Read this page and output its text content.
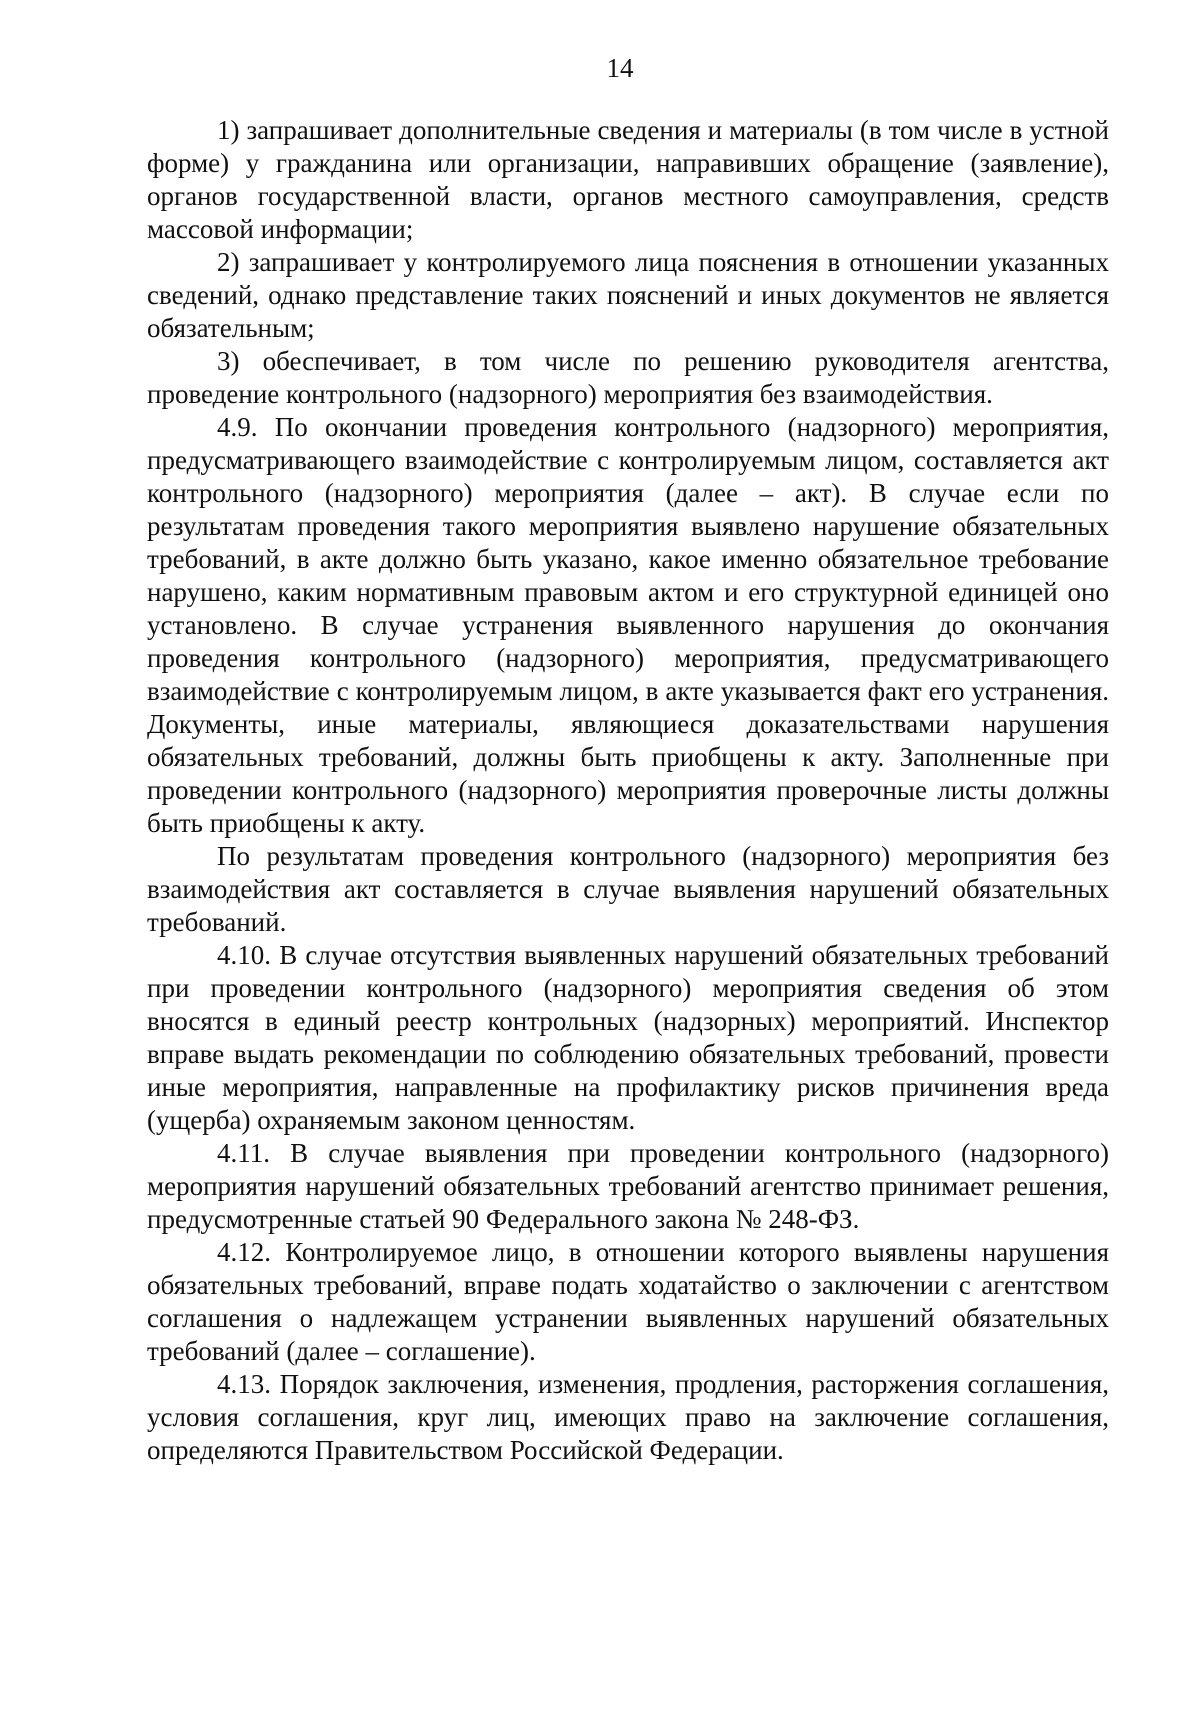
14

1) запрашивает дополнительные сведения и материалы (в том числе в устной форме) у гражданина или организации, направивших обращение (заявление), органов государственной власти, органов местного самоуправления, средств массовой информации;

2) запрашивает у контролируемого лица пояснения в отношении указанных сведений, однако представление таких пояснений и иных документов не является обязательным;

3) обеспечивает, в том числе по решению руководителя агентства, проведение контрольного (надзорного) мероприятия без взаимодействия.

4.9. По окончании проведения контрольного (надзорного) мероприятия, предусматривающего взаимодействие с контролируемым лицом, составляется акт контрольного (надзорного) мероприятия (далее – акт). В случае если по результатам проведения такого мероприятия выявлено нарушение обязательных требований, в акте должно быть указано, какое именно обязательное требование нарушено, каким нормативным правовым актом и его структурной единицей оно установлено. В случае устранения выявленного нарушения до окончания проведения контрольного (надзорного) мероприятия, предусматривающего взаимодействие с контролируемым лицом, в акте указывается факт его устранения. Документы, иные материалы, являющиеся доказательствами нарушения обязательных требований, должны быть приобщены к акту. Заполненные при проведении контрольного (надзорного) мероприятия проверочные листы должны быть приобщены к акту.

По результатам проведения контрольного (надзорного) мероприятия без взаимодействия акт составляется в случае выявления нарушений обязательных требований.

4.10. В случае отсутствия выявленных нарушений обязательных требований при проведении контрольного (надзорного) мероприятия сведения об этом вносятся в единый реестр контрольных (надзорных) мероприятий. Инспектор вправе выдать рекомендации по соблюдению обязательных требований, провести иные мероприятия, направленные на профилактику рисков причинения вреда (ущерба) охраняемым законом ценностям.

4.11. В случае выявления при проведении контрольного (надзорного) мероприятия нарушений обязательных требований агентство принимает решения, предусмотренные статьей 90 Федерального закона № 248-ФЗ.

4.12. Контролируемое лицо, в отношении которого выявлены нарушения обязательных требований, вправе подать ходатайство о заключении с агентством соглашения о надлежащем устранении выявленных нарушений обязательных требований (далее – соглашение).

4.13. Порядок заключения, изменения, продления, расторжения соглашения, условия соглашения, круг лиц, имеющих право на заключение соглашения, определяются Правительством Российской Федерации.
